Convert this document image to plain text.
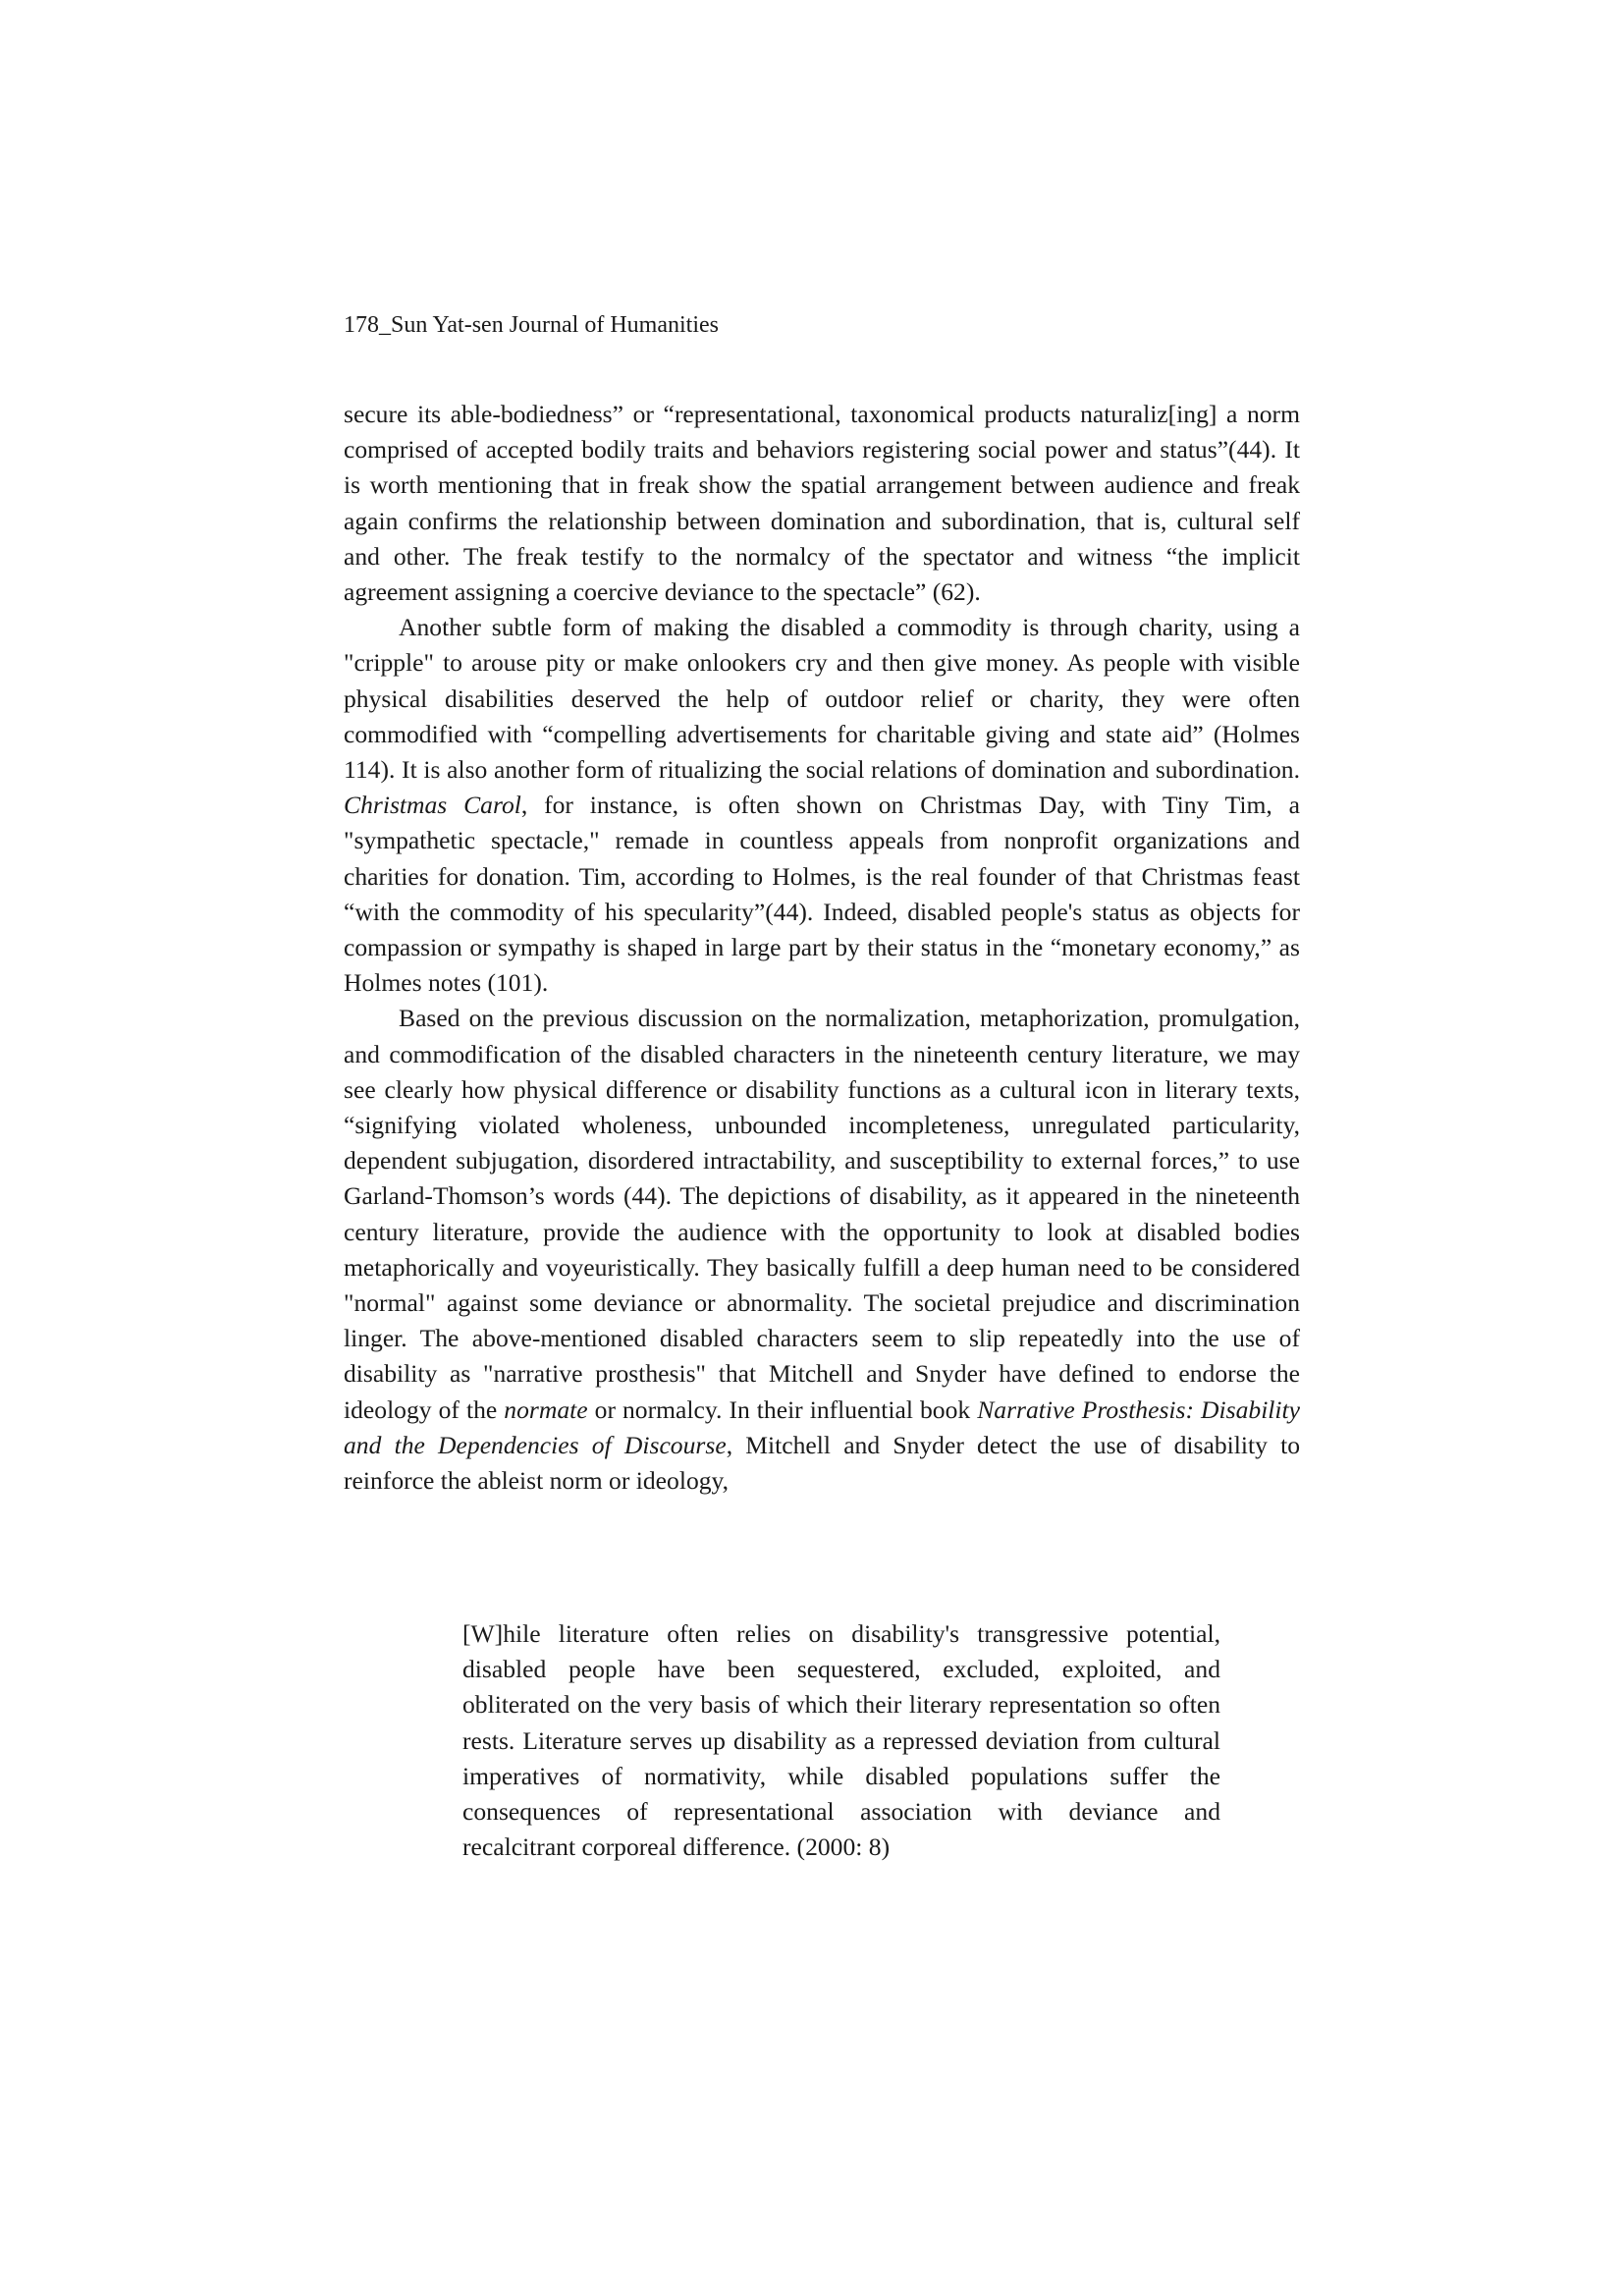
178_Sun Yat-sen Journal of Humanities

secure its able-bodiedness” or “representational, taxonomical products naturaliz[ing] a norm comprised of accepted bodily traits and behaviors registering social power and status”(44). It is worth mentioning that in freak show the spatial arrangement between audience and freak again confirms the relationship between domination and subordination, that is, cultural self and other. The freak testify to the normalcy of the spectator and witness “the implicit agreement assigning a coercive deviance to the spectacle” (62).

Another subtle form of making the disabled a commodity is through charity, using a "cripple" to arouse pity or make onlookers cry and then give money. As people with visible physical disabilities deserved the help of outdoor relief or charity, they were often commodified with “compelling advertisements for charitable giving and state aid” (Holmes 114). It is also another form of ritualizing the social relations of domination and subordination. Christmas Carol, for instance, is often shown on Christmas Day, with Tiny Tim, a "sympathetic spectacle," remade in countless appeals from nonprofit organizations and charities for donation. Tim, according to Holmes, is the real founder of that Christmas feast “with the commodity of his specularity”(44). Indeed, disabled people's status as objects for compassion or sympathy is shaped in large part by their status in the “monetary economy,” as Holmes notes (101).

Based on the previous discussion on the normalization, metaphorization, promulgation, and commodification of the disabled characters in the nineteenth century literature, we may see clearly how physical difference or disability functions as a cultural icon in literary texts, “signifying violated wholeness, unbounded incompleteness, unregulated particularity, dependent subjugation, disordered intractability, and susceptibility to external forces,” to use Garland-Thomson’s words (44). The depictions of disability, as it appeared in the nineteenth century literature, provide the audience with the opportunity to look at disabled bodies metaphorically and voyeuristically. They basically fulfill a deep human need to be considered "normal" against some deviance or abnormality. The societal prejudice and discrimination linger. The above-mentioned disabled characters seem to slip repeatedly into the use of disability as "narrative prosthesis" that Mitchell and Snyder have defined to endorse the ideology of the normate or normalcy. In their influential book Narrative Prosthesis: Disability and the Dependencies of Discourse, Mitchell and Snyder detect the use of disability to reinforce the ableist norm or ideology,

[W]hile literature often relies on disability's transgressive potential, disabled people have been sequestered, excluded, exploited, and obliterated on the very basis of which their literary representation so often rests. Literature serves up disability as a repressed deviation from cultural imperatives of normativity, while disabled populations suffer the consequences of representational association with deviance and recalcitrant corporeal difference. (2000: 8)
